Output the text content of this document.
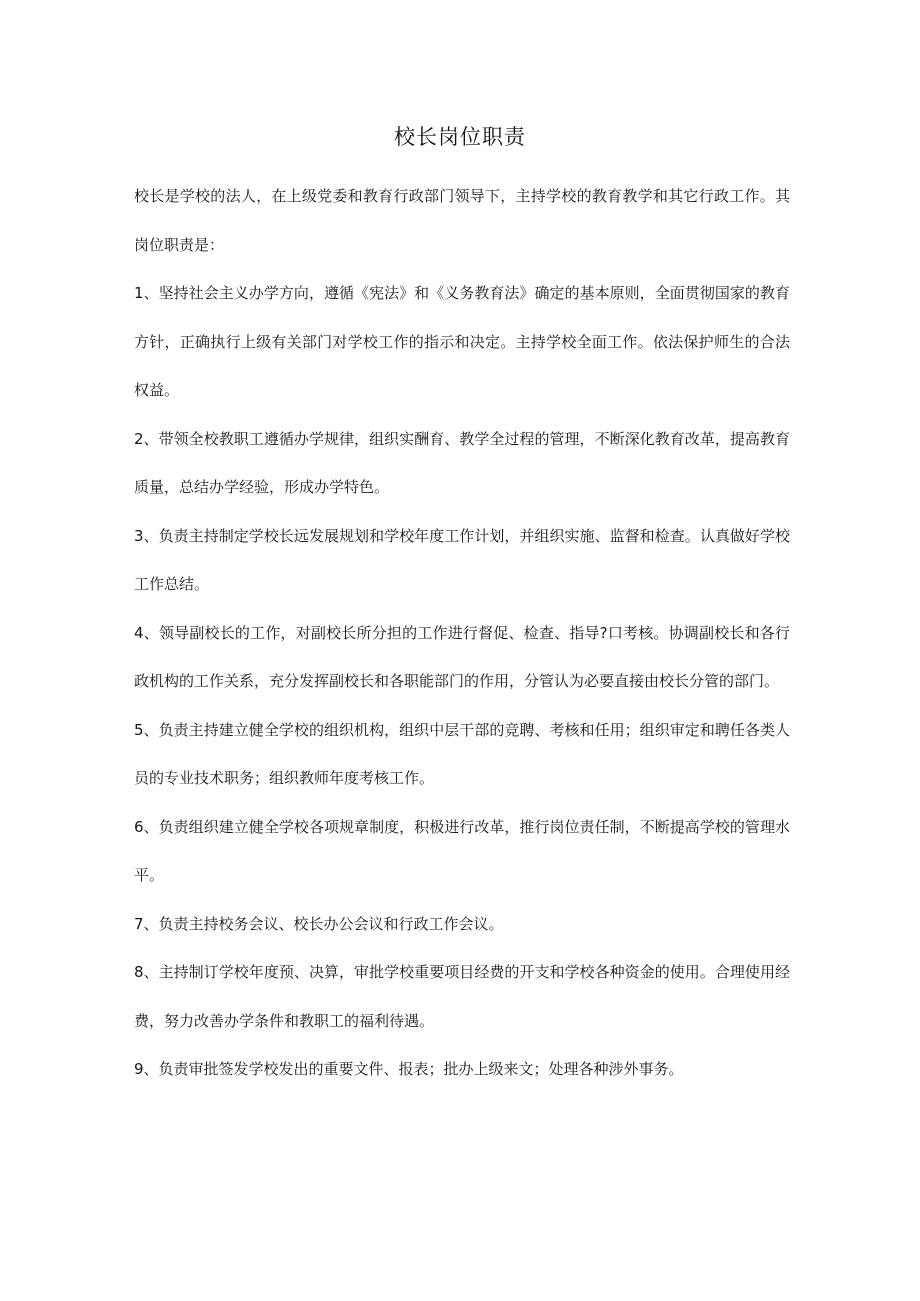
校长岗位职责

校长是学校的法人，在上级党委和教育行政部门领导下，主持学校的教育教学和其它行政工作。其岗位职责是：

1、坚持社会主义办学方向，遵循《宪法》和《义务教育法》确定的基本原则，全面贯彻国家的教育方针，正确执行上级有关部门对学校工作的指示和决定。主持学校全面工作。依法保护师生的合法权益。

2、带领全校教职工遵循办学规律，组织实酬育、教学全过程的管理，不断深化教育改革，提高教育质量，总结办学经验，形成办学特色。

3、负责主持制定学校长远发展规划和学校年度工作计划，并组织实施、监督和检查。认真做好学校工作总结。

4、领导副校长的工作，对副校长所分担的工作进行督促、检查、指导?口考核。协调副校长和各行政机构的工作关系，充分发挥副校长和各职能部门的作用，分管认为必要直接由校长分管的部门。

5、负责主持建立健全学校的组织机构，组织中层干部的竞聘、考核和任用；组织审定和聘任各类人员的专业技术职务；组织教师年度考核工作。

6、负责组织建立健全学校各项规章制度，积极进行改革，推行岗位责任制，不断提高学校的管理水平。

7、负责主持校务会议、校长办公会议和行政工作会议。

8、主持制订学校年度预、决算，审批学校重要项目经费的开支和学校各种资金的使用。合理使用经费，努力改善办学条件和教职工的福利待遇。

9、负责审批签发学校发出的重要文件、报表；批办上级来文；处理各种涉外事务。
